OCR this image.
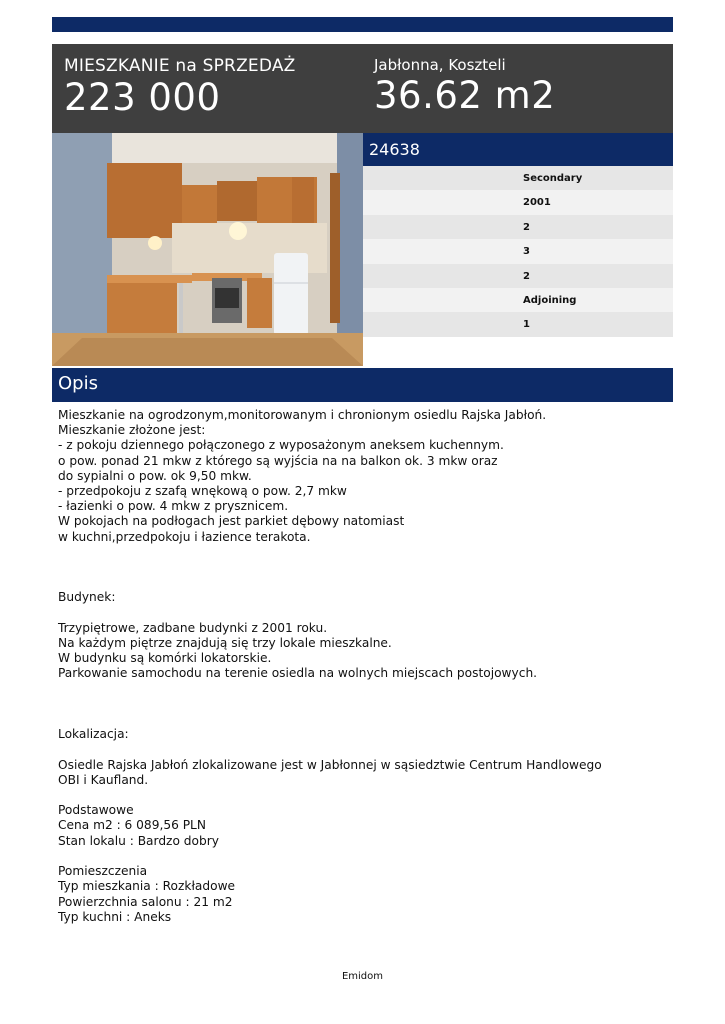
MIESZKANIE na SPRZEDAŻ
223 000
Jabłonna, Koszteli
36.62 m2
24638
Secondary
2001
2
3
2
Adjoining
1
Opis
Mieszkanie na ogrodzonym,monitorowanym i chronionym osiedlu Rajska Jabłoń.
Mieszkanie złożone jest:
- z pokoju dziennego połączonego z wyposażonym aneksem kuchennym.
o pow. ponad 21 mkw z którego są wyjścia na na balkon ok. 3 mkw oraz
do sypialni o pow. ok 9,50 mkw.
- przedpokoju z szafą wnękową o pow. 2,7 mkw
- łazienki o pow. 4 mkw z prysznicem.
W pokojach na podłogach jest parkiet dębowy natomiast
w kuchni,przedpokoju i łazience terakota.

Budynek:

Trzypiętrowe, zadbane budynki z 2001 roku.
Na każdym piętrze znajdują się trzy lokale mieszkalne.
W budynku są komórki lokatorskie.
Parkowanie samochodu na terenie osiedla na wolnych miejscach postojowych.

Lokalizacja:

Osiedle Rajska Jabłoń zlokalizowane jest w Jabłonnej w sąsiedztwie Centrum Handlowego
OBI i Kaufland.

Podstawowe
Cena m2 : 6 089,56 PLN
Stan lokalu : Bardzo dobry

Pomieszczenia
Typ mieszkania : Rozkładowe
Powierzchnia salonu : 21 m2
Typ kuchni : Aneks
Emidom
